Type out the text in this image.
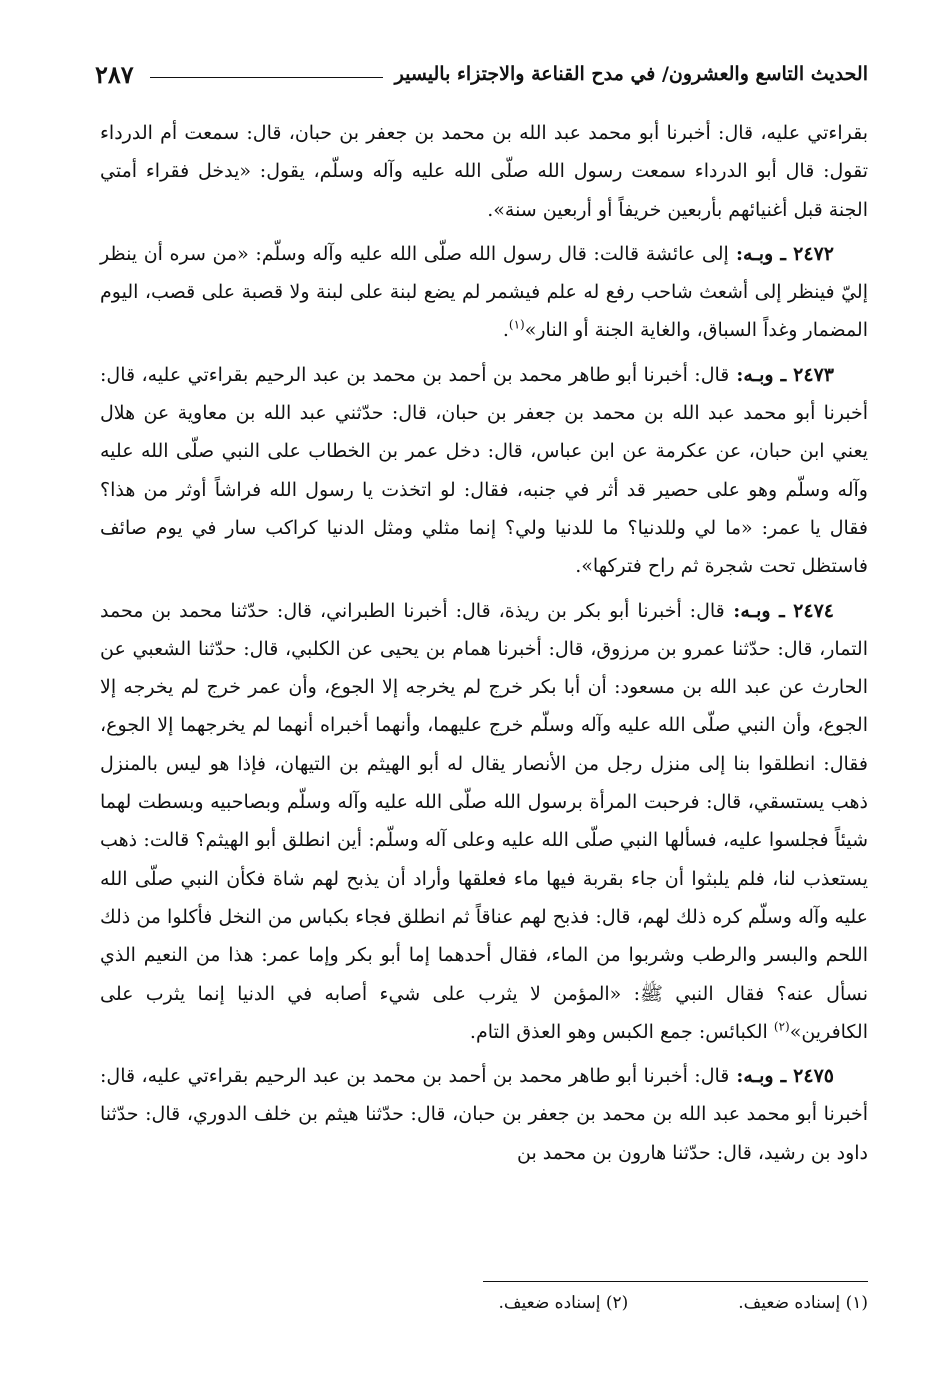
الحديث التاسع والعشرون/ في مدح القناعة والاجتزاء باليسير
٢٨٧

بقراءتي عليه، قال: أخبرنا أبو محمد عبد الله بن محمد بن جعفر بن حبان، قال: سمعت أم الدرداء تقول: قال أبو الدرداء سمعت رسول الله صلّى الله عليه وآله وسلّم، يقول: «يدخل فقراء أمتي الجنة قبل أغنيائهم بأربعين خريفاً أو أربعين سنة».

٢٤٧٢ ـ وبـه: إلى عائشة قالت: قال رسول الله صلّى الله عليه وآله وسلّم: «من سره أن ينظر إليّ فينظر إلى أشعث شاحب رفع له علم فيشمر لم يضع لبنة على لبنة ولا قصبة على قصب، اليوم المضمار وغداً السباق، والغاية الجنة أو النار»$^{(١)}$.

٢٤٧٣ ـ وبـه: قال: أخبرنا أبو طاهر محمد بن أحمد بن محمد بن عبد الرحيم بقراءتي عليه، قال: أخبرنا أبو محمد عبد الله بن محمد بن جعفر بن حبان، قال: حدّثني عبد الله بن معاوية عن هلال يعني ابن حبان، عن عكرمة عن ابن عباس، قال: دخل عمر بن الخطاب على النبي صلّى الله عليه وآله وسلّم وهو على حصير قد أثر في جنبه، فقال: لو اتخذت يا رسول الله فراشاً أوثر من هذا؟ فقال يا عمر: «ما لي وللدنيا؟ ما للدنيا ولي؟ إنما مثلي ومثل الدنيا كراكب سار في يوم صائف فاستظل تحت شجرة ثم راح فتركها».

٢٤٧٤ ـ وبـه: قال: أخبرنا أبو بكر بن ريذة، قال: أخبرنا الطبراني، قال: حدّثنا محمد بن محمد التمار، قال: حدّثنا عمرو بن مرزوق، قال: أخبرنا همام بن يحيى عن الكلبي، قال: حدّثنا الشعبي عن الحارث عن عبد الله بن مسعود: أن أبا بكر خرج لم يخرجه إلا الجوع، وأن عمر خرج لم يخرجه إلا الجوع، وأن النبي صلّى الله عليه وآله وسلّم خرج عليهما، وأنهما أخبراه أنهما لم يخرجهما إلا الجوع، فقال: انطلقوا بنا إلى منزل رجل من الأنصار يقال له أبو الهيثم بن التيهان، فإذا هو ليس بالمنزل ذهب يستسقي، قال: فرحبت المرأة برسول الله صلّى الله عليه وآله وسلّم وبصاحبيه وبسطت لهما شيئاً فجلسوا عليه، فسألها النبي صلّى الله عليه وعلى آله وسلّم: أين انطلق أبو الهيثم؟ قالت: ذهب يستعذب لنا، فلم يلبثوا أن جاء بقربة فيها ماء فعلقها وأراد أن يذبح لهم شاة فكأن النبي صلّى الله عليه وآله وسلّم كره ذلك لهم، قال: فذبح لهم عناقاً ثم انطلق فجاء بكباس من النخل فأكلوا من ذلك اللحم والبسر والرطب وشربوا من الماء، فقال أحدهما إما أبو بكر وإما عمر: هذا من النعيم الذي نسأل عنه؟ فقال النبي ﷺ: «المؤمن لا يثرب على شيء أصابه في الدنيا إنما يثرب على الكافرين»$^{(٢)}$ الكبائس: جمع الكبس وهو العذق التام.

٢٤٧٥ ـ وبـه: قال: أخبرنا أبو طاهر محمد بن أحمد بن محمد بن عبد الرحيم بقراءتي عليه، قال: أخبرنا أبو محمد عبد الله بن محمد بن جعفر بن حبان، قال: حدّثنا هيثم بن خلف الدوري، قال: حدّثنا داود بن رشيد، قال: حدّثنا هارون بن محمد بن

(١) إسناده ضعيف.
(٢) إسناده ضعيف.
